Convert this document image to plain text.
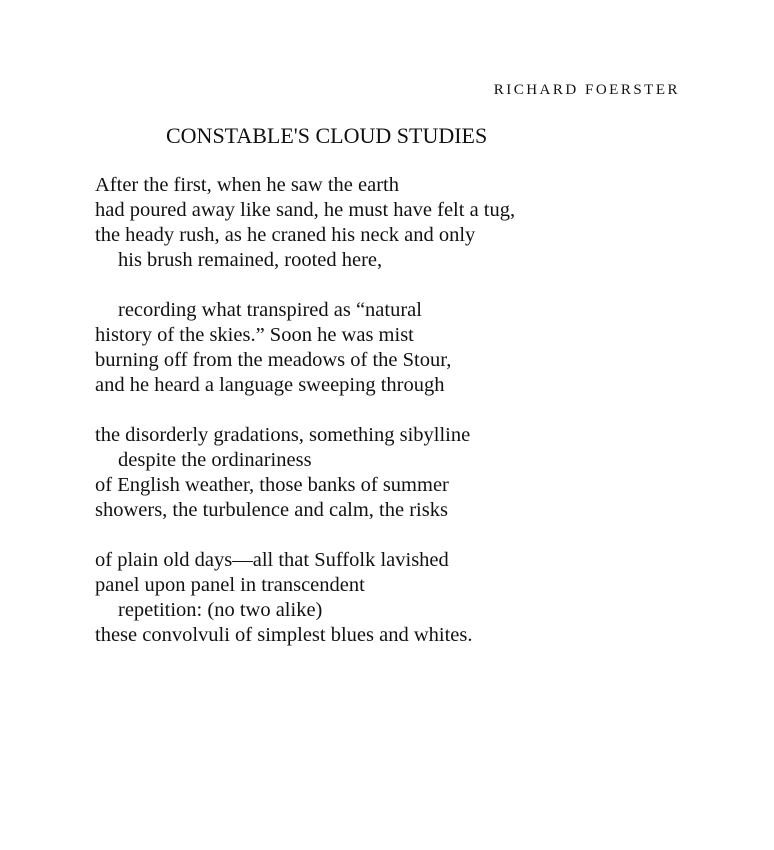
RICHARD FOERSTER
CONSTABLE'S CLOUD STUDIES
After the first, when he saw the earth
had poured away like sand, he must have felt a tug,
the heady rush, as he craned his neck and only
his brush remained, rooted here,
recording what transpired as “natural
history of the skies.” Soon he was mist
burning off from the meadows of the Stour,
and he heard a language sweeping through
the disorderly gradations, something sibylline
despite the ordinariness
of English weather, those banks of summer
showers, the turbulence and calm, the risks
of plain old days—all that Suffolk lavished
panel upon panel in transcendent
repetition: (no two alike)
these convolvuli of simplest blues and whites.
